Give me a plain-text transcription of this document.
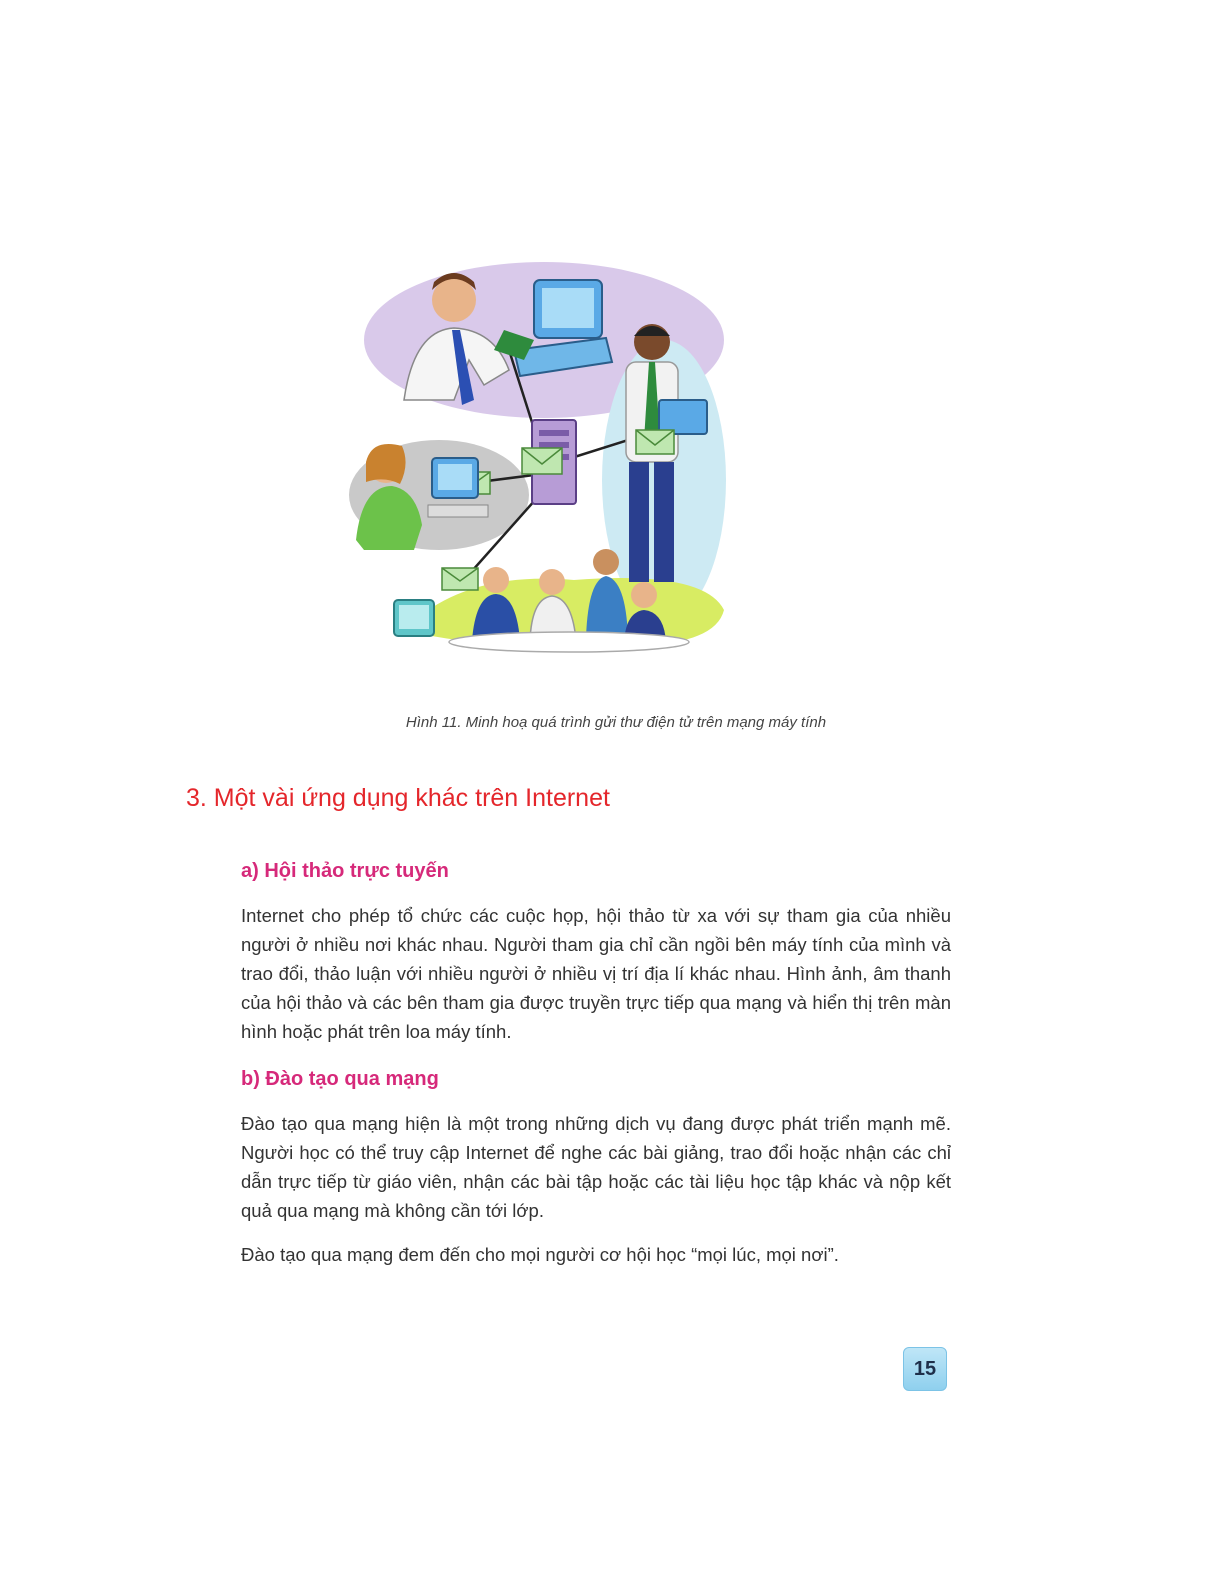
Hình 11. Minh hoạ quá trình gửi thư điện tử trên mạng máy tính
3. Một vài ứng dụng khác trên Internet
a) Hội thảo trực tuyến

Internet cho phép tổ chức các cuộc họp, hội thảo từ xa với sự tham gia của nhiều người ở nhiều nơi khác nhau. Người tham gia chỉ cần ngồi bên máy tính của mình và trao đổi, thảo luận với nhiều người ở nhiều vị trí địa lí khác nhau. Hình ảnh, âm thanh của hội thảo và các bên tham gia được truyền trực tiếp qua mạng và hiển thị trên màn hình hoặc phát trên loa máy tính.

b) Đào tạo qua mạng

Đào tạo qua mạng hiện là một trong những dịch vụ đang được phát triển mạnh mẽ. Người học có thể truy cập Internet để nghe các bài giảng, trao đổi hoặc nhận các chỉ dẫn trực tiếp từ giáo viên, nhận các bài tập hoặc các tài liệu học tập khác và nộp kết quả qua mạng mà không cần tới lớp.

Đào tạo qua mạng đem đến cho mọi người cơ hội học “mọi lúc, mọi nơi”.

15
